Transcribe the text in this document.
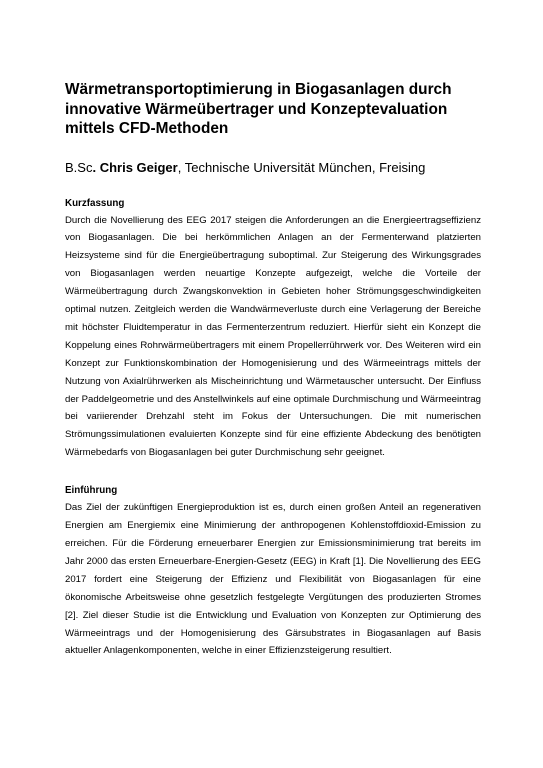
Wärmetransportoptimierung in Biogasanlagen durch innovative Wärmeübertrager und Konzeptevaluation mittels CFD-Methoden
B.Sc. Chris Geiger, Technische Universität München, Freising
Kurzfassung

Durch die Novellierung des EEG 2017 steigen die Anforderungen an die Energieertragseffizienz von Biogasanlagen. Die bei herkömmlichen Anlagen an der Fermenterwand platzierten Heizsysteme sind für die Energieübertragung suboptimal. Zur Steigerung des Wirkungsgrades von Biogasanlagen werden neuartige Konzepte aufgezeigt, welche die Vorteile der Wärmeübertragung durch Zwangskonvektion in Gebieten hoher Strömungsgeschwindigkeiten optimal nutzen. Zeitgleich werden die Wandwärmeverluste durch eine Verlagerung der Bereiche mit höchster Fluidtemperatur in das Fermenterzentrum reduziert. Hierfür sieht ein Konzept die Koppelung eines Rohrwärmeübertragers mit einem Propellerrührwerk vor. Des Weiteren wird ein Konzept zur Funktionskombination der Homogenisierung und des Wärmeeintrags mittels der Nutzung von Axialrührwerken als Mischeinrichtung und Wärmetauscher untersucht. Der Einfluss der Paddelgeometrie und des Anstellwinkels auf eine optimale Durchmischung und Wärmeeintrag bei variierender Drehzahl steht im Fokus der Untersuchungen. Die mit numerischen Strömungssimulationen evaluierten Konzepte sind für eine effiziente Abdeckung des benötigten Wärmebedarfs von Biogasanlagen bei guter Durchmischung sehr geeignet.

Einführung

Das Ziel der zukünftigen Energieproduktion ist es, durch einen großen Anteil an regenerativen Energien am Energiemix eine Minimierung der anthropogenen Kohlenstoffdioxid-Emission zu erreichen. Für die Förderung erneuerbarer Energien zur Emissionsminimierung trat bereits im Jahr 2000 das ersten Erneuerbare-Energien-Gesetz (EEG) in Kraft [1]. Die Novellierung des EEG 2017 fordert eine Steigerung der Effizienz und Flexibilität von Biogasanlagen für eine ökonomische Arbeitsweise ohne gesetzlich festgelegte Vergütungen des produzierten Stromes [2]. Ziel dieser Studie ist die Entwicklung und Evaluation von Konzepten zur Optimierung des Wärmeeintrags und der Homogenisierung des Gärsubstrates in Biogasanlagen auf Basis aktueller Anlagenkomponenten, welche in einer Effizienzsteigerung resultiert.
